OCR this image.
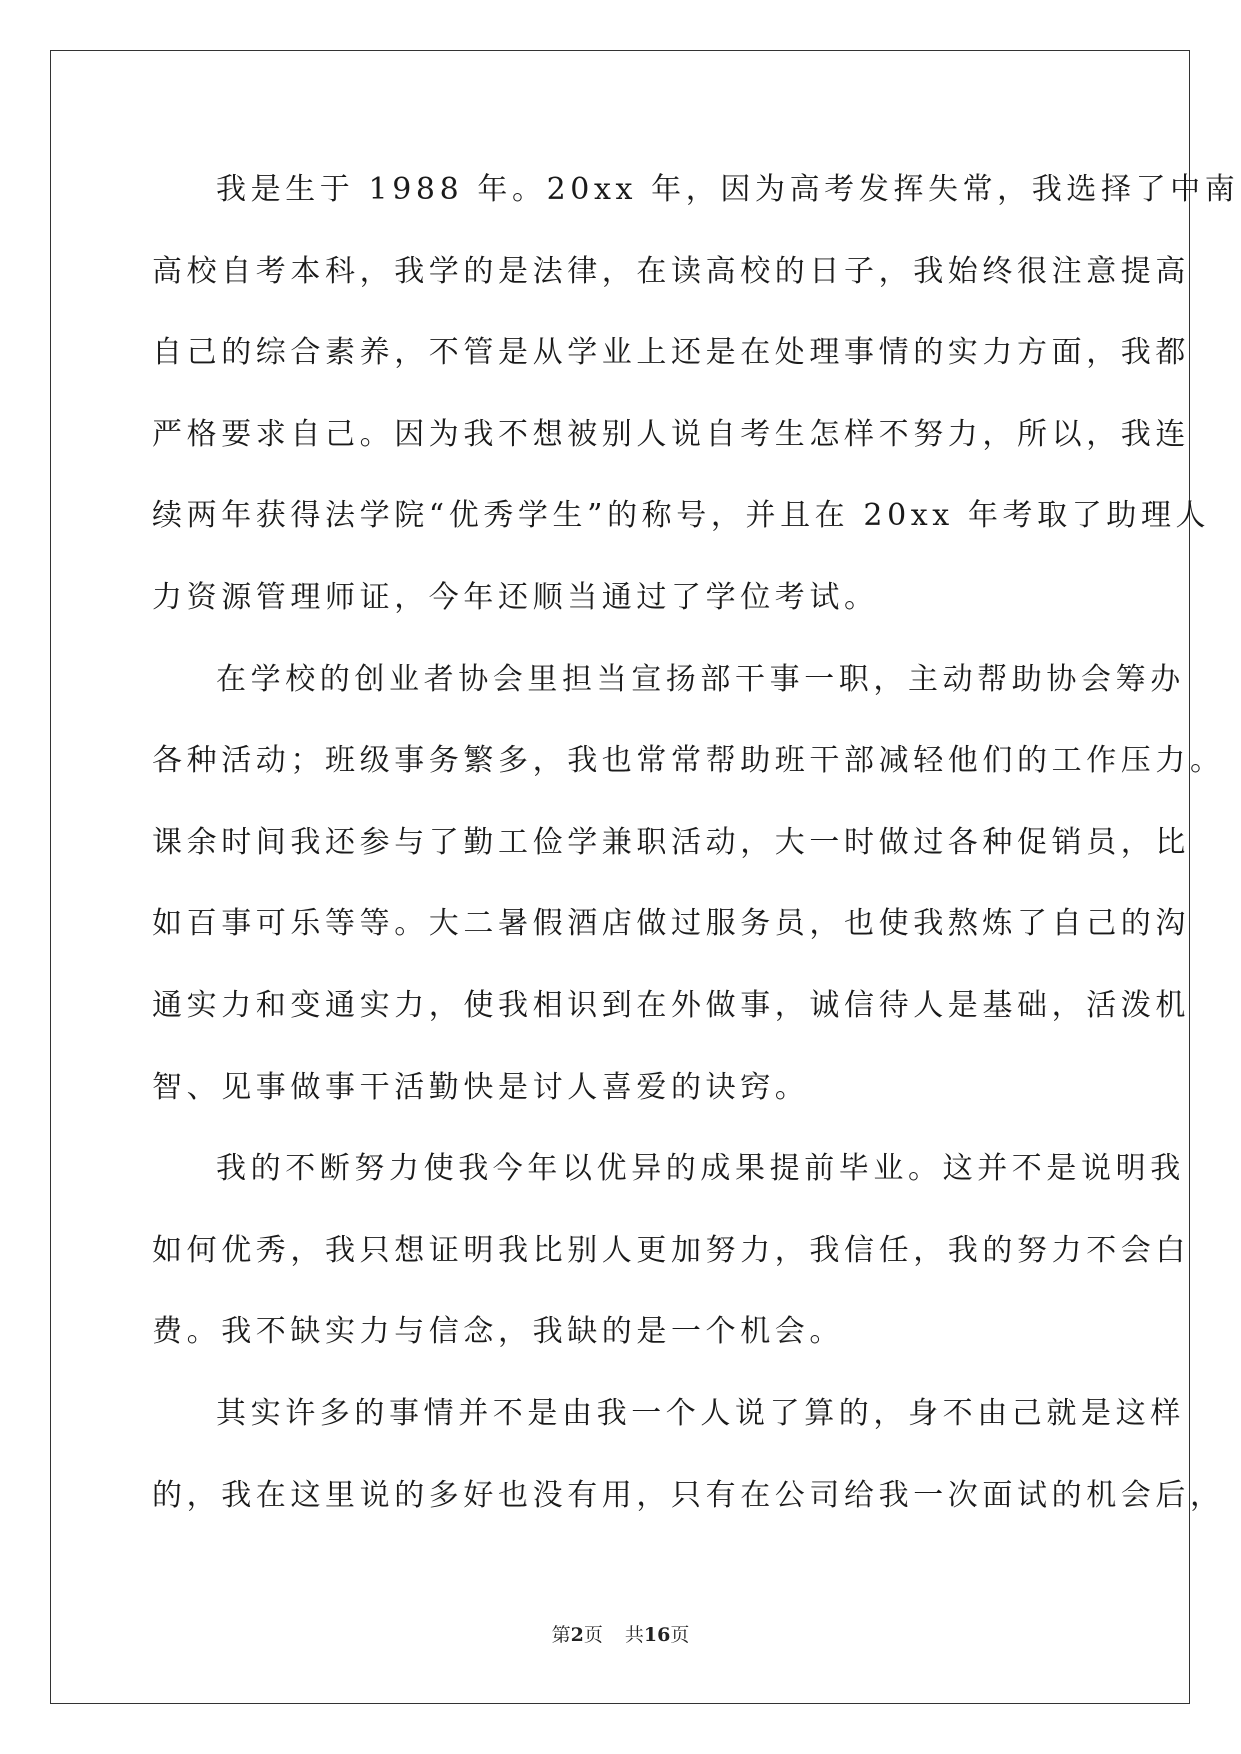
我是生于 1988 年。20xx 年，因为高考发挥失常，我选择了中南
高校自考本科，我学的是法律，在读高校的日子，我始终很注意提高
自己的综合素养，不管是从学业上还是在处理事情的实力方面，我都
严格要求自己。因为我不想被别人说自考生怎样不努力，所以，我连
续两年获得法学院“优秀学生”的称号，并且在 20xx 年考取了助理人
力资源管理师证，今年还顺当通过了学位考试。
在学校的创业者协会里担当宣扬部干事一职，主动帮助协会筹办
各种活动；班级事务繁多，我也常常帮助班干部减轻他们的工作压力。
课余时间我还参与了勤工俭学兼职活动，大一时做过各种促销员，比
如百事可乐等等。大二暑假酒店做过服务员，也使我熬炼了自己的沟
通实力和变通实力，使我相识到在外做事，诚信待人是基础，活泼机
智、见事做事干活勤快是讨人喜爱的诀窍。
我的不断努力使我今年以优异的成果提前毕业。这并不是说明我
如何优秀，我只想证明我比别人更加努力，我信任，我的努力不会白
费。我不缺实力与信念，我缺的是一个机会。
其实许多的事情并不是由我一个人说了算的，身不由己就是这样
的，我在这里说的多好也没有用，只有在公司给我一次面试的机会后，
第2页 共16页
